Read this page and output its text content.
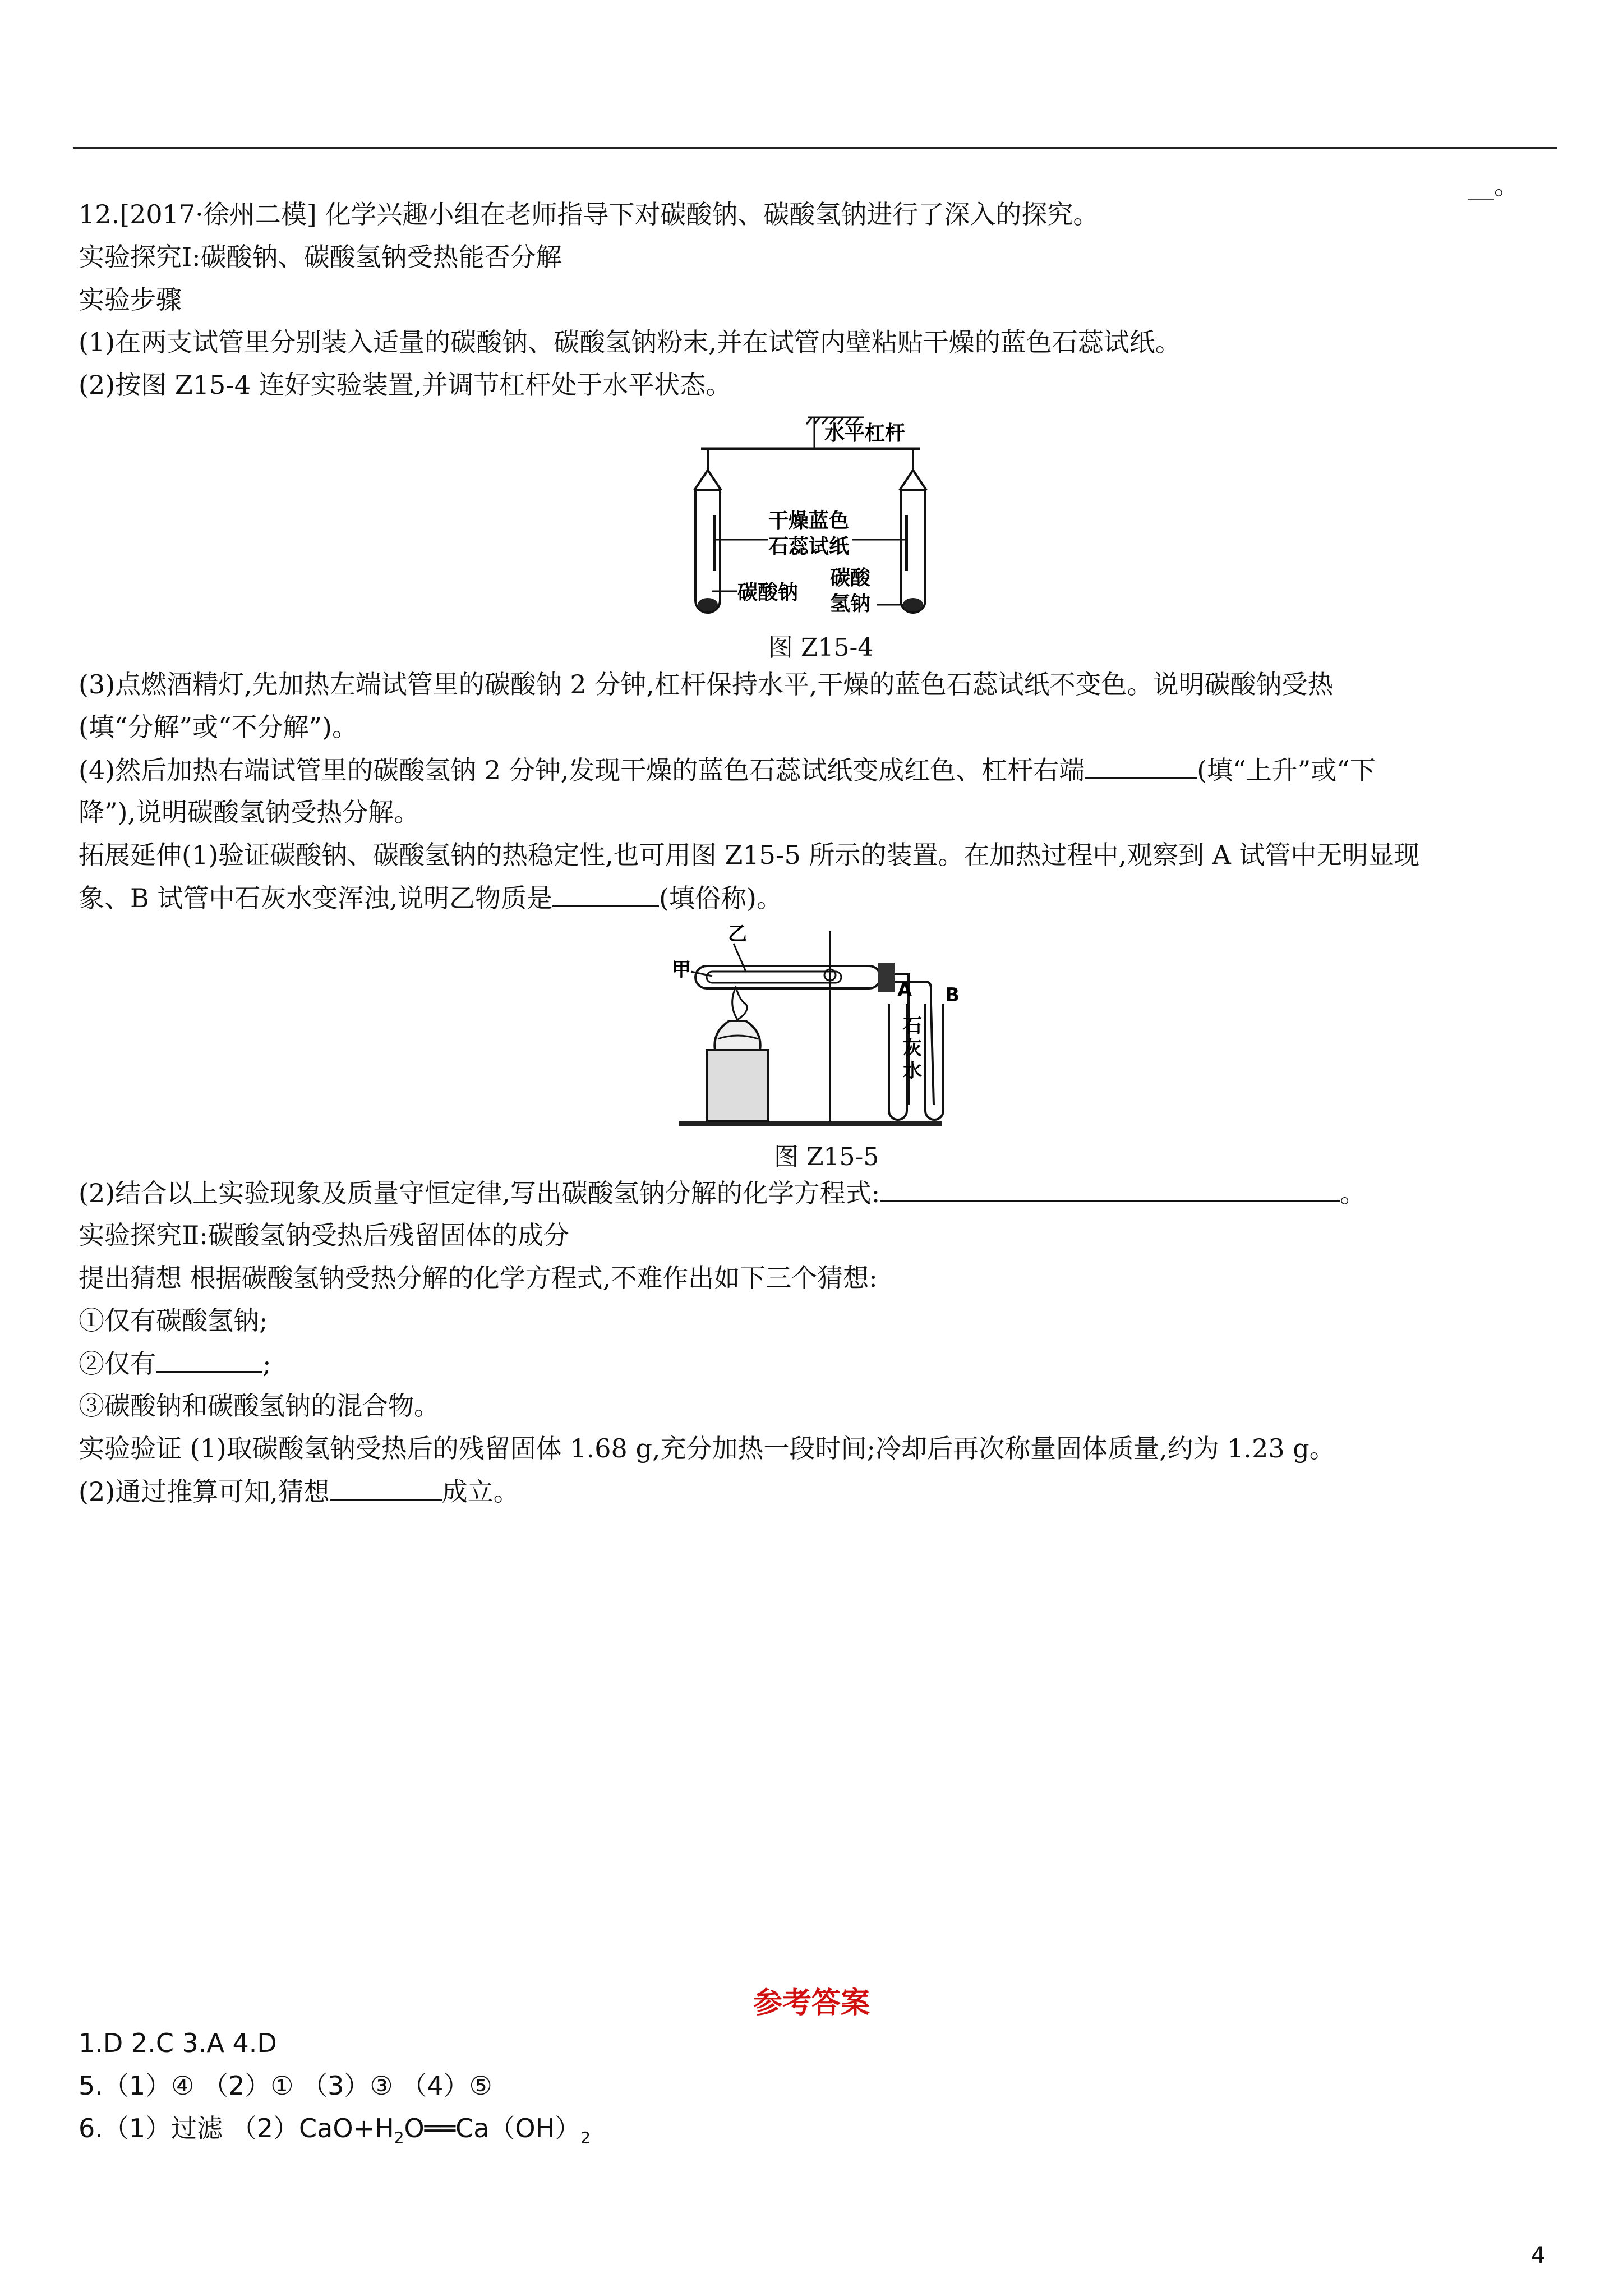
__。
12.[2017·徐州二模] 化学兴趣小组在老师指导下对碳酸钠、碳酸氢钠进行了深入的探究。
实验探究Ⅰ:碳酸钠、碳酸氢钠受热能否分解
实验步骤
(1)在两支试管里分别装入适量的碳酸钠、碳酸氢钠粉末,并在试管内壁粘贴干燥的蓝色石蕊试纸。
(2)按图 Z15-4 连好实验装置,并调节杠杆处于水平状态。
水平杠杆
干燥蓝色
石蕊试纸
碳酸钠
碳酸
氢钠
图 Z15-4
(3)点燃酒精灯,先加热左端试管里的碳酸钠 2 分钟,杠杆保持水平,干燥的蓝色石蕊试纸不变色。说明碳酸钠受热
(填“分解”或“不分解”)。
(4)然后加热右端试管里的碳酸氢钠 2 分钟,发现干燥的蓝色石蕊试纸变成红色、杠杆右端	(填“上升”或“下
降”),说明碳酸氢钠受热分解。
拓展延伸(1)验证碳酸钠、碳酸氢钠的热稳定性,也可用图 Z15-5 所示的装置。在加热过程中,观察到 A 试管中无明显现
象、B 试管中石灰水变浑浊,说明乙物质是	(填俗称)。
乙
甲
A B
石
灰
水
图 Z15-5
(2)结合以上实验现象及质量守恒定律,写出碳酸氢钠分解的化学方程式:	。
实验探究Ⅱ:碳酸氢钠受热后残留固体的成分
提出猜想 根据碳酸氢钠受热分解的化学方程式,不难作出如下三个猜想:
①仅有碳酸氢钠;
②仅有	;
③碳酸钠和碳酸氢钠的混合物。
实验验证 (1)取碳酸氢钠受热后的残留固体 1.68 g,充分加热一段时间;冷却后再次称量固体质量,约为 1.23 g。
(2)通过推算可知,猜想	成立。
参考答案
1.D 2.C 3.A 4.D
5.（1）④ （2）① （3）③ （4）⑤
6.（1）过滤 $(2)CaO+H_2O══Ca(OH)_2$
4
